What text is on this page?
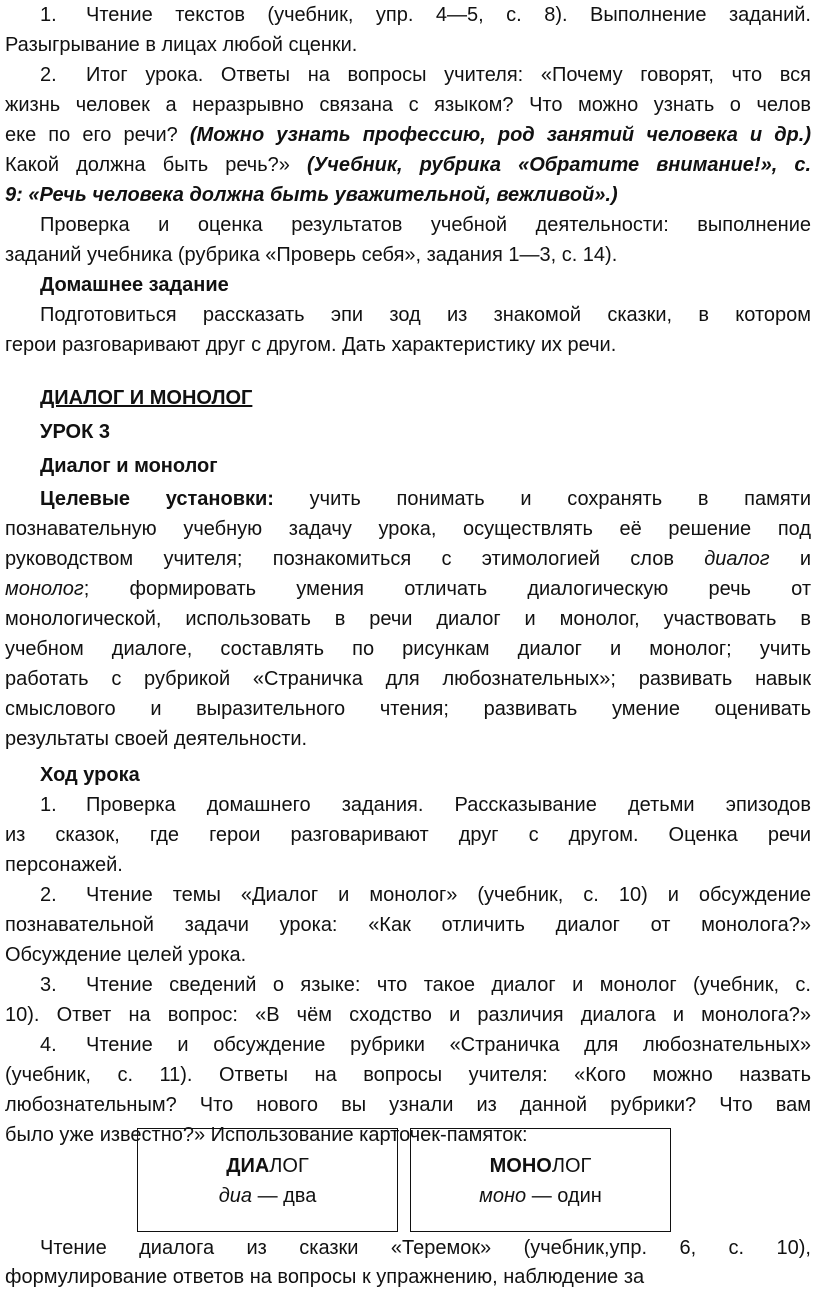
1. Чтение текстов (учебник, упр. 4—5, с. 8). Выполнение заданий.
Разыгрывание в лицах любой сценки.
2. Итог урока. Ответы на вопросы учителя: «Почему говорят, что вся
жизнь человек а неразрывно связана с языком? Что можно узнать о челов
еке по его речи? (Можно узнать профессию, род занятий человека и др.)
Какой должна быть речь?» (Учебник, рубрика «Обратите внимание!», с.
9: «Речь человека должна быть уважительной, вежливой».)
Проверка и оценка результатов учебной деятельности: выполнение
заданий учебника (рубрика «Проверь себя», задания 1—3, с. 14).
Домашнее задание
Подготовиться рассказать эпи зод из знакомой сказки, в котором
герои разговаривают друг с другом. Дать характеристику их речи.
ДИАЛОГ И МОНОЛОГ
УРОК 3
Диалог и монолог
Целевые установки: учить понимать и сохранять в памяти
познавательную учебную задачу урока, осуществлять её решение под
руководством учителя; познакомиться с этимологией слов диалог и
монолог; формировать умения отличать диалогическую речь от
монологической, использовать в речи диалог и монолог, участвовать в
учебном диалоге, составлять по рисункам диалог и монолог; учить
работать с рубрикой «Страничка для любознательных»; развивать навык
смыслового и выразительного чтения; развивать умение оценивать
результаты своей деятельности.
Ход урока
1. Проверка домашнего задания. Рассказывание детьми эпизодов
из сказок, где герои разговаривают друг с другом. Оценка речи
персонажей.
2. Чтение темы «Диалог и монолог» (учебник, с. 10) и обсуждение
познавательной задачи урока: «Как отличить диалог от монолога?»
Обсуждение целей урока.
3. Чтение сведений о языке: что такое диалог и монолог (учебник, с.
10). Ответ на вопрос: «В чём сходство и различия диалога и монолога?»
4. Чтение и обсуждение рубрики «Страничка для любознательных»
(учебник, с. 11). Ответы на вопросы учителя: «Кого можно назвать
любознательным? Что нового вы узнали из данной рубрики? Что вам
было уже известно?» Использование карточек-памяток:
ДИАЛОГ
диа — два
МОНОЛОГ
моно — один
Чтение диалога из сказки «Теремок» (учебник,упр. 6, с. 10),
формулирование ответов на вопросы к упражнению, наблюдение за
